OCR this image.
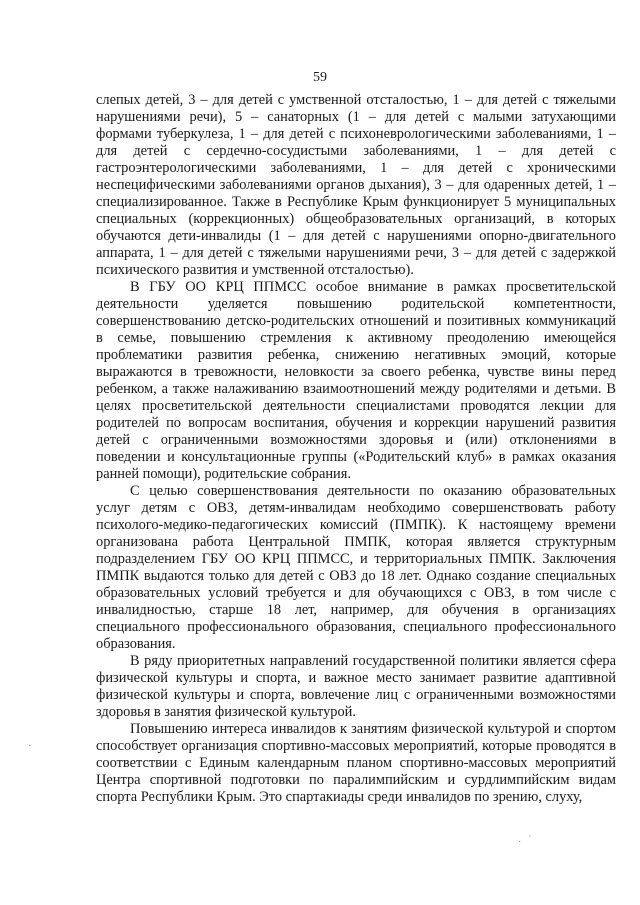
59

слепых детей, 3 – для детей с умственной отсталостью, 1 – для детей с тяжелыми нарушениями речи), 5 – санаторных (1 – для детей с малыми затухающими формами туберкулеза, 1 – для детей с психоневрологическими заболеваниями, 1 – для детей с сердечно-сосудистыми заболеваниями, 1 – для детей с гастроэнтерологическими заболеваниями, 1 – для детей с хроническими неспецифическими заболеваниями органов дыхания), 3 – для одаренных детей, 1 – специализированное. Также в Республике Крым функционирует 5 муниципальных специальных (коррекционных) общеобразовательных организаций, в которых обучаются дети-инвалиды (1 – для детей с нарушениями опорно-двигательного аппарата, 1 – для детей с тяжелыми нарушениями речи, 3 – для детей с задержкой психического развития и умственной отсталостью).

В ГБУ ОО КРЦ ППМСС особое внимание в рамках просветительской деятельности уделяется повышению родительской компетентности, совершенствованию детско-родительских отношений и позитивных коммуникаций в семье, повышению стремления к активному преодолению имеющейся проблематики развития ребенка, снижению негативных эмоций, которые выражаются в тревожности, неловкости за своего ребенка, чувстве вины перед ребенком, а также налаживанию взаимоотношений между родителями и детьми. В целях просветительской деятельности специалистами проводятся лекции для родителей по вопросам воспитания, обучения и коррекции нарушений развития детей с ограниченными возможностями здоровья и (или) отклонениями в поведении и консультационные группы («Родительский клуб» в рамках оказания ранней помощи), родительские собрания.

С целью совершенствования деятельности по оказанию образовательных услуг детям с ОВЗ, детям-инвалидам необходимо совершенствовать работу психолого-медико-педагогических комиссий (ПМПК). К настоящему времени организована работа Центральной ПМПК, которая является структурным подразделением ГБУ ОО КРЦ ППМСС, и территориальных ПМПК. Заключения ПМПК выдаются только для детей с ОВЗ до 18 лет. Однако создание специальных образовательных условий требуется и для обучающихся с ОВЗ, в том числе с инвалидностью, старше 18 лет, например, для обучения в организациях специального профессионального образования, специального профессионального образования.

В ряду приоритетных направлений государственной политики является сфера физической культуры и спорта, и важное место занимает развитие адаптивной физической культуры и спорта, вовлечение лиц с ограниченными возможностями здоровья в занятия физической культурой.

Повышению интереса инвалидов к занятиям физической культурой и спортом способствует организация спортивно-массовых мероприятий, которые проводятся в соответствии с Единым календарным планом спортивно-массовых мероприятий Центра спортивной подготовки по паралимпийским и сурдлимпийским видам спорта Республики Крым. Это спартакиады среди инвалидов по зрению, слуху,

·
· ´
